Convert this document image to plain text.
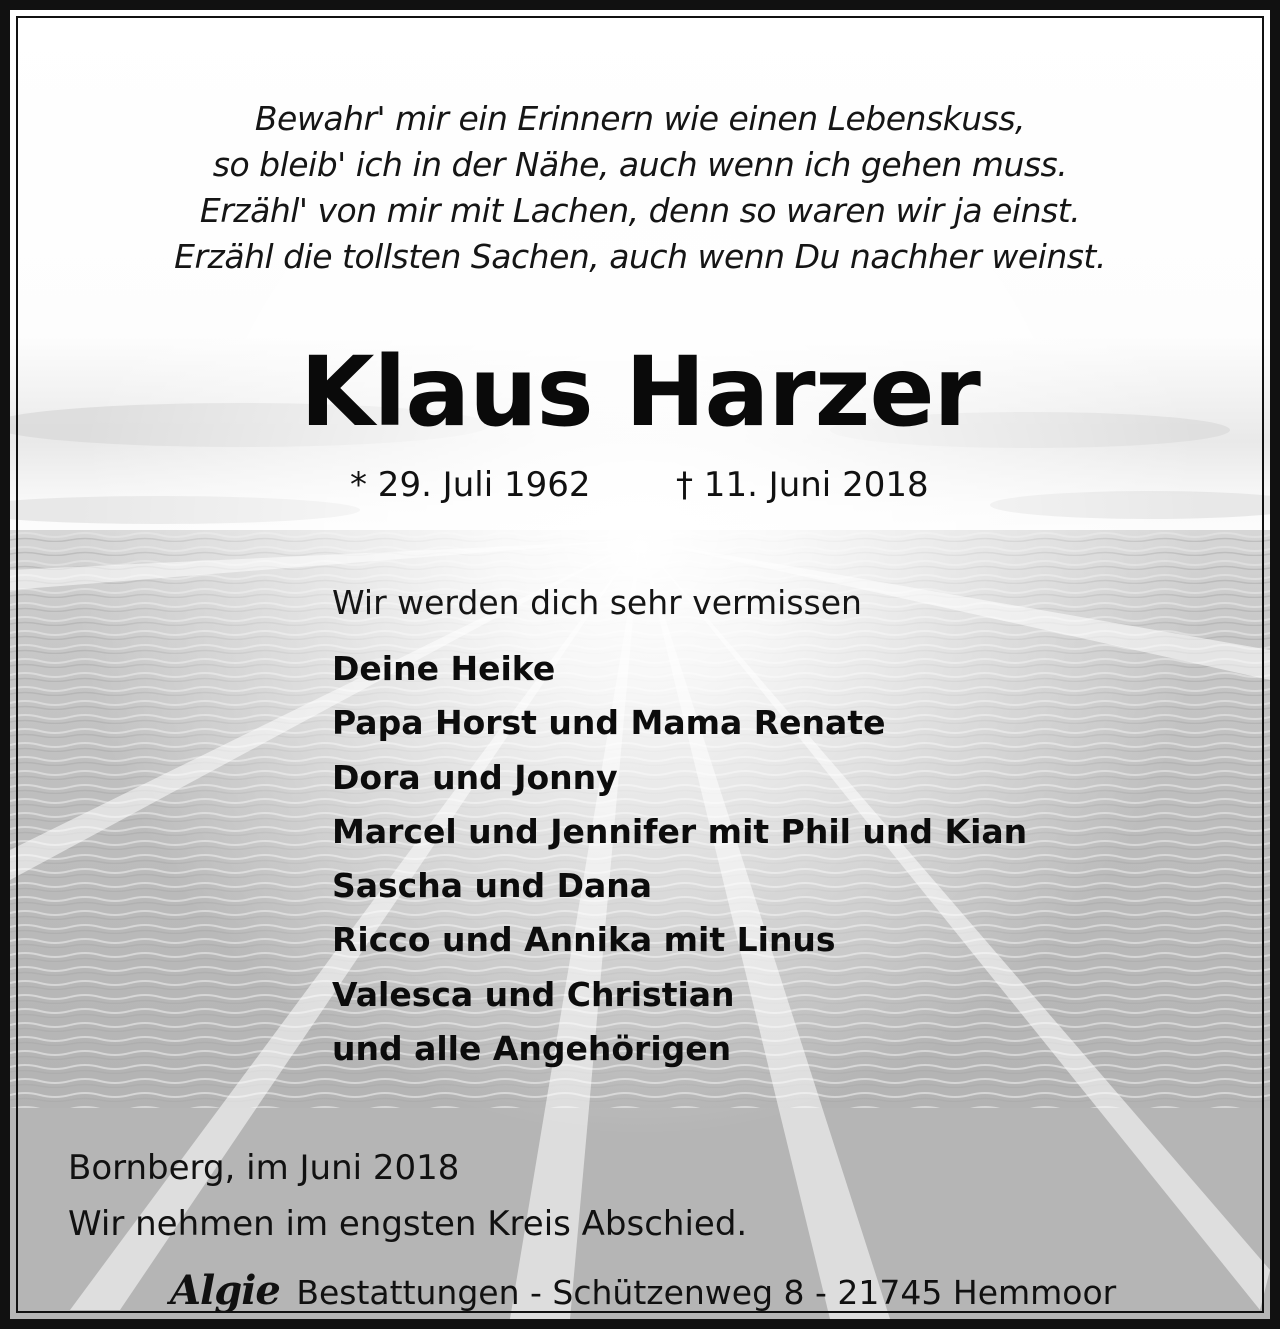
Bewahr' mir ein Erinnern wie einen Lebenskuss,
so bleib' ich in der Nähe, auch wenn ich gehen muss.
Erzähl' von mir mit Lachen, denn so waren wir ja einst.
Erzähl die tollsten Sachen, auch wenn Du nachher weinst.
Klaus Harzer
* 29. Juli 1962	† 11. Juni 2018
Wir werden dich sehr vermissen
Deine Heike
Papa Horst und Mama Renate
Dora und Jonny
Marcel und Jennifer mit Phil und Kian
Sascha und Dana
Ricco und Annika mit Linus
Valesca und Christian
und alle Angehörigen
Bornberg, im Juni 2018
Wir nehmen im engsten Kreis Abschied.
Algie Bestattungen - Schützenweg 8 - 21745 Hemmoor
